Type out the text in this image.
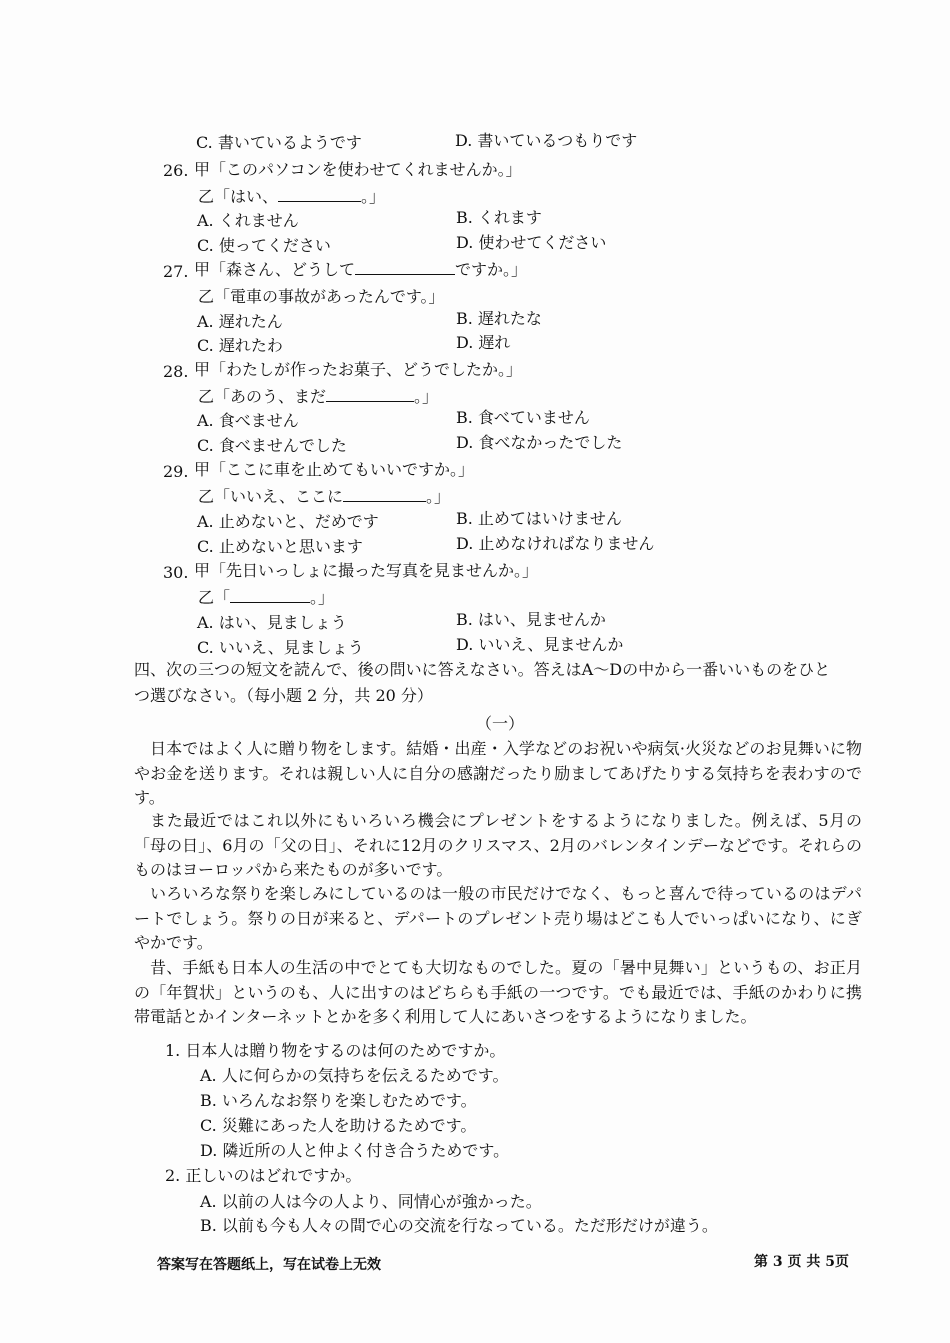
C. 書いているようです	D. 書いているつもりです
26. 甲「このパソコンを使わせてくれませんか。」
乙「はい、	。」
A. くれません	B. くれます
C. 使ってください	D. 使わせてください
27. 甲「森さん、どうして	ですか。」
乙「電車の事故があったんです。」
A. 遅れたん	B. 遅れたな
C. 遅れたわ	D. 遅れ
28. 甲「わたしが作ったお菓子、どうでしたか。」
乙「あのう、まだ	。」
A. 食べません	B. 食べていません
C. 食べませんでした	D. 食べなかったでした
29. 甲「ここに車を止めてもいいですか。」
乙「いいえ、ここに	。」
A. 止めないと、だめです	B. 止めてはいけません
C. 止めないと思います	D. 止めなければなりません
30. 甲「先日いっしょに撮った写真を見ませんか。」
乙「	。」
A. はい、見ましょう	B. はい、見ませんか
C. いいえ、見ましょう	D. いいえ、見ませんか
四、次の三つの短文を読んで、後の問いに答えなさい。答えはA～Dの中から一番いいものをひと
つ選びなさい。（每小题 2 分，共 20 分）
（一）
日本ではよく人に贈り物をします。結婚・出産・入学などのお祝いや病気·火災などのお見舞いに物やお金を送ります。それは親しい人に自分の感謝だったり励ましてあげたりする気持ちを表わすのです。
また最近ではこれ以外にもいろいろ機会にプレゼントをするようになりました。例えば、5月の「母の日」、6月の「父の日」、それに12月のクリスマス、2月のバレンタインデーなどです。それらのものはヨーロッパから来たものが多いです。
いろいろな祭りを楽しみにしているのは一般の市民だけでなく、もっと喜んで待っているのはデパートでしょう。祭りの日が来ると、デパートのプレゼント売り場はどこも人でいっぱいになり、にぎやかです。
昔、手紙も日本人の生活の中でとても大切なものでした。夏の「暑中見舞い」というもの、お正月の「年賀状」というのも、人に出すのはどちらも手紙の一つです。でも最近では、手紙のかわりに携帯電話とかインターネットとかを多く利用して人にあいさつをするようになりました。
1. 日本人は贈り物をするのは何のためですか。
A. 人に何らかの気持ちを伝えるためです。
B. いろんなお祭りを楽しむためです。
C. 災難にあった人を助けるためです。
D. 隣近所の人と仲よく付き合うためです。
2. 正しいのはどれですか。
A. 以前の人は今の人より、同情心が強かった。
B. 以前も今も人々の間で心の交流を行なっている。ただ形だけが違う。
答案写在答题纸上，写在试卷上无效	第 3 页 共 5页
